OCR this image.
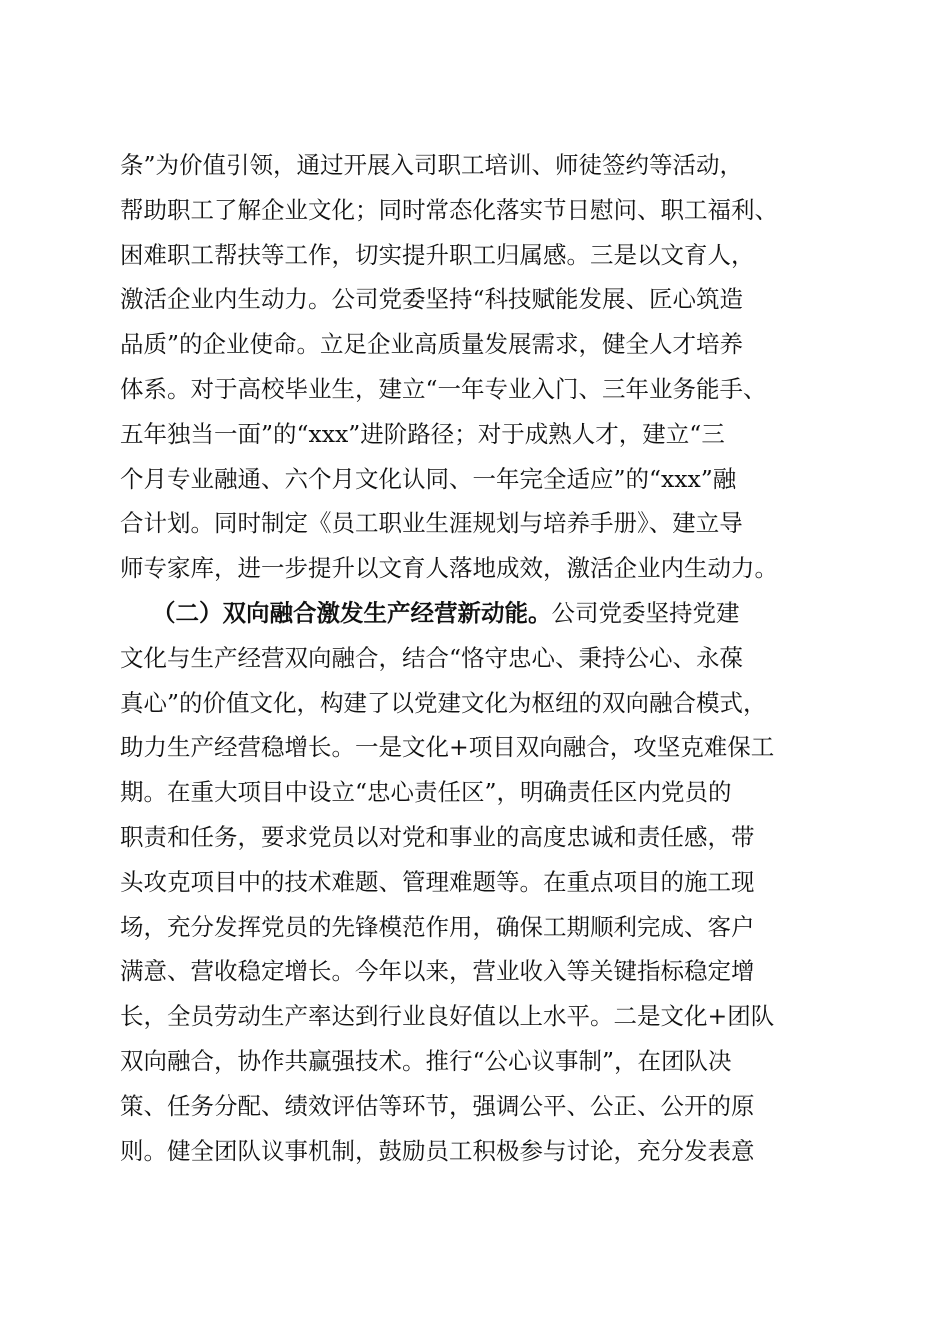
条”为价值引领，通过开展入司职工培训、师徒签约等活动，
帮助职工了解企业文化；同时常态化落实节日慰问、职工福利、
困难职工帮扶等工作，切实提升职工归属感。三是以文育人，
激活企业内生动力。公司党委坚持“科技赋能发展、匠心筑造
品质”的企业使命。立足企业高质量发展需求，健全人才培养
体系。对于高校毕业生，建立“一年专业入门、三年业务能手、
五年独当一面”的“xxx”进阶路径；对于成熟人才，建立“三
个月专业融通、六个月文化认同、一年完全适应”的“xxx”融
合计划。同时制定《员工职业生涯规划与培养手册》、建立导
师专家库，进一步提升以文育人落地成效，激活企业内生动力。
（二）双向融合激发生产经营新动能。公司党委坚持党建
文化与生产经营双向融合，结合“恪守忠心、秉持公心、永葆
真心”的价值文化，构建了以党建文化为枢纽的双向融合模式，
助力生产经营稳增长。一是文化+项目双向融合，攻坚克难保工
期。在重大项目中设立“忠心责任区”，明确责任区内党员的
职责和任务，要求党员以对党和事业的高度忠诚和责任感，带
头攻克项目中的技术难题、管理难题等。在重点项目的施工现
场，充分发挥党员的先锋模范作用，确保工期顺利完成、客户
满意、营收稳定增长。今年以来，营业收入等关键指标稳定增
长，全员劳动生产率达到行业良好值以上水平。二是文化+团队
双向融合，协作共赢强技术。推行“公心议事制”，在团队决
策、任务分配、绩效评估等环节，强调公平、公正、公开的原
则。健全团队议事机制，鼓励员工积极参与讨论，充分发表意
